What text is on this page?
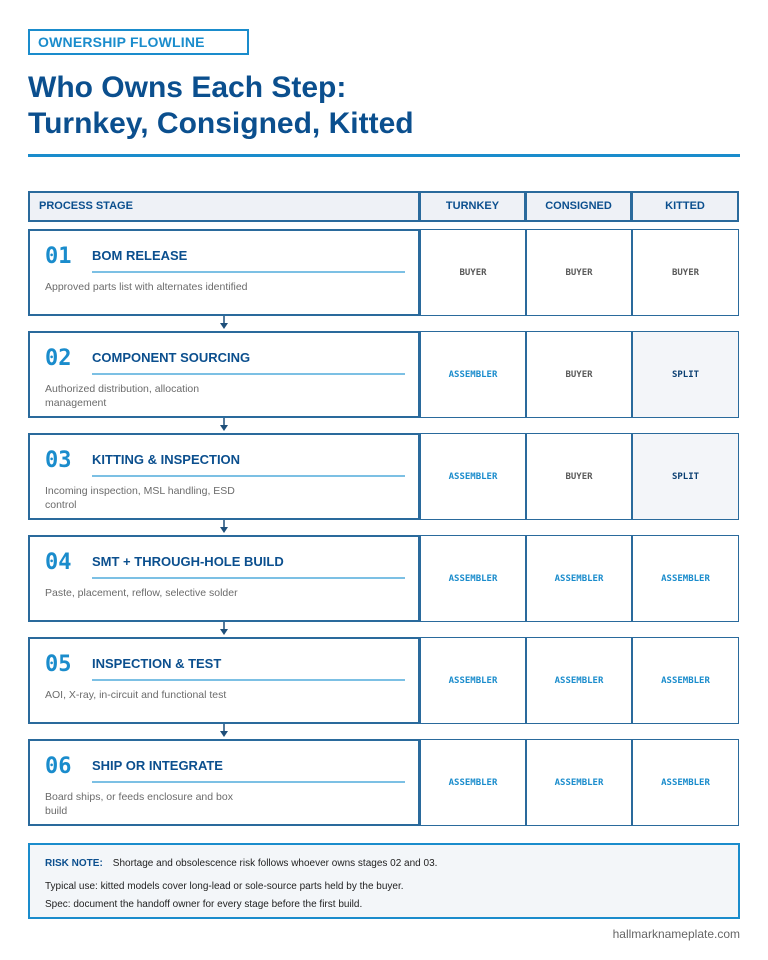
OWNERSHIP FLOWLINE
Who Owns Each Step:
Turnkey, Consigned, Kitted
PROCESS STAGE	TURNKEY	CONSIGNED	KITTED
01 BOM RELEASE
Approved parts list with alternates identified
BUYER	BUYER	BUYER
02 COMPONENT SOURCING
Authorized distribution, allocation management
ASSEMBLER	BUYER	SPLIT
03 KITTING & INSPECTION
Incoming inspection, MSL handling, ESD control
ASSEMBLER	BUYER	SPLIT
04 SMT + THROUGH-HOLE BUILD
Paste, placement, reflow, selective solder
ASSEMBLER	ASSEMBLER	ASSEMBLER
05 INSPECTION & TEST
AOI, X-ray, in-circuit and functional test
ASSEMBLER	ASSEMBLER	ASSEMBLER
06 SHIP OR INTEGRATE
Board ships, or feeds enclosure and box build
ASSEMBLER	ASSEMBLER	ASSEMBLER
RISK NOTE: Shortage and obsolescence risk follows whoever owns stages 02 and 03.
Typical use: kitted models cover long-lead or sole-source parts held by the buyer.
Spec: document the handoff owner for every stage before the first build.
hallmarknameplate.com
